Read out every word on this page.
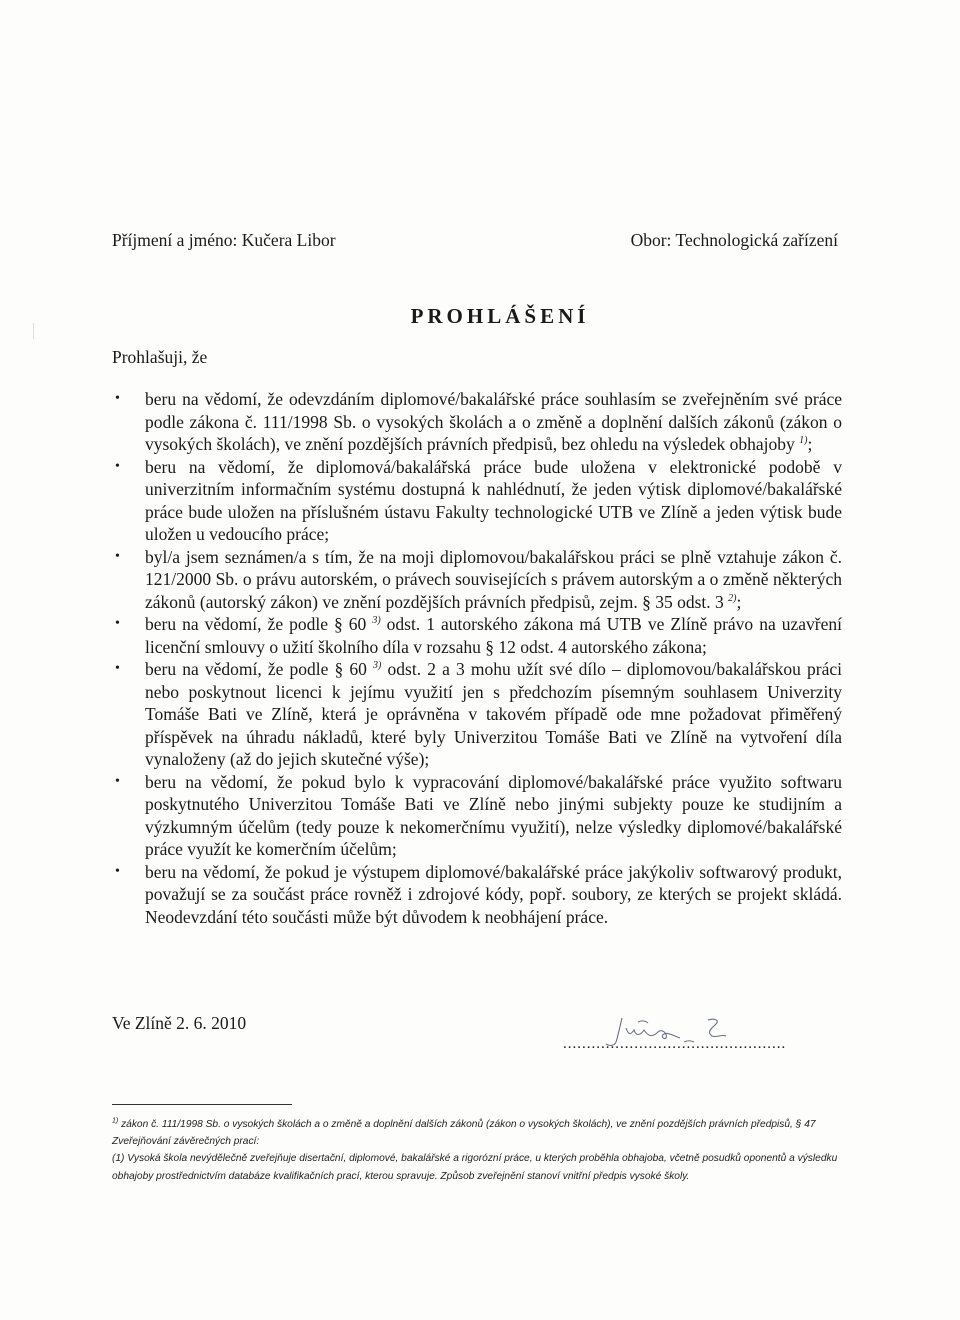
Příjmení a jméno: Kučera Libor	Obor: Technologická zařízení
PROHLÁŠENÍ
Prohlašuji, že
• beru na vědomí, že odevzdáním diplomové/bakalářské práce souhlasím se zveřejněním své práce podle zákona č. 111/1998 Sb. o vysokých školách a o změně a doplnění dalších zákonů (zákon o vysokých školách), ve znění pozdějších právních předpisů, bez ohledu na výsledek obhajoby $^{1)}$;
• beru na vědomí, že diplomová/bakalářská práce bude uložena v elektronické podobě v univerzitním informačním systému dostupná k nahlédnutí, že jeden výtisk diplomové/bakalářské práce bude uložen na příslušném ústavu Fakulty technologické UTB ve Zlíně a jeden výtisk bude uložen u vedoucího práce;
• byl/a jsem seznámen/a s tím, že na moji diplomovou/bakalářskou práci se plně vztahuje zákon č. 121/2000 Sb. o právu autorském, o právech souvisejících s právem autorským a o změně některých zákonů (autorský zákon) ve znění pozdějších právních předpisů, zejm. § 35 odst. 3 $^{2)}$;
• beru na vědomí, že podle § 60 $^{3)}$ odst. 1 autorského zákona má UTB ve Zlíně právo na uzavření licenční smlouvy o užití školního díla v rozsahu § 12 odst. 4 autorského zákona;
• beru na vědomí, že podle § 60 $^{3)}$ odst. 2 a 3 mohu užít své dílo – diplomovou/bakalářskou práci nebo poskytnout licenci k jejímu využití jen s předchozím písemným souhlasem Univerzity Tomáše Bati ve Zlíně, která je oprávněna v takovém případě ode mne požadovat přiměřený příspěvek na úhradu nákladů, které byly Univerzitou Tomáše Bati ve Zlíně na vytvoření díla vynaloženy (až do jejich skutečné výše);
• beru na vědomí, že pokud bylo k vypracování diplomové/bakalářské práce využito softwaru poskytnutého Univerzitou Tomáše Bati ve Zlíně nebo jinými subjekty pouze ke studijním a výzkumným účelům (tedy pouze k nekomerčnímu využití), nelze výsledky diplomové/bakalářské práce využít ke komerčním účelům;
• beru na vědomí, že pokud je výstupem diplomové/bakalářské práce jakýkoliv softwarový produkt, považují se za součást práce rovněž i zdrojové kódy, popř. soubory, ze kterých se projekt skládá. Neodevzdání této součásti může být důvodem k neobhájení práce.
Ve Zlíně 2. 6. 2010
...............................................

$^{1)}$ zákon č. 111/1998 Sb. o vysokých školách a o změně a doplnění dalších zákonů (zákon o vysokých školách), ve znění pozdějších právních předpisů, § 47 Zveřejňování závěrečných prací:

(1) Vysoká škola nevýdělečně zveřejňuje disertační, diplomové, bakalářské a rigorózní práce, u kterých proběhla obhajoba, včetně posudků oponentů a výsledku obhajoby prostřednictvím databáze kvalifikačních prací, kterou spravuje. Způsob zveřejnění stanoví vnitřní předpis vysoké školy.
